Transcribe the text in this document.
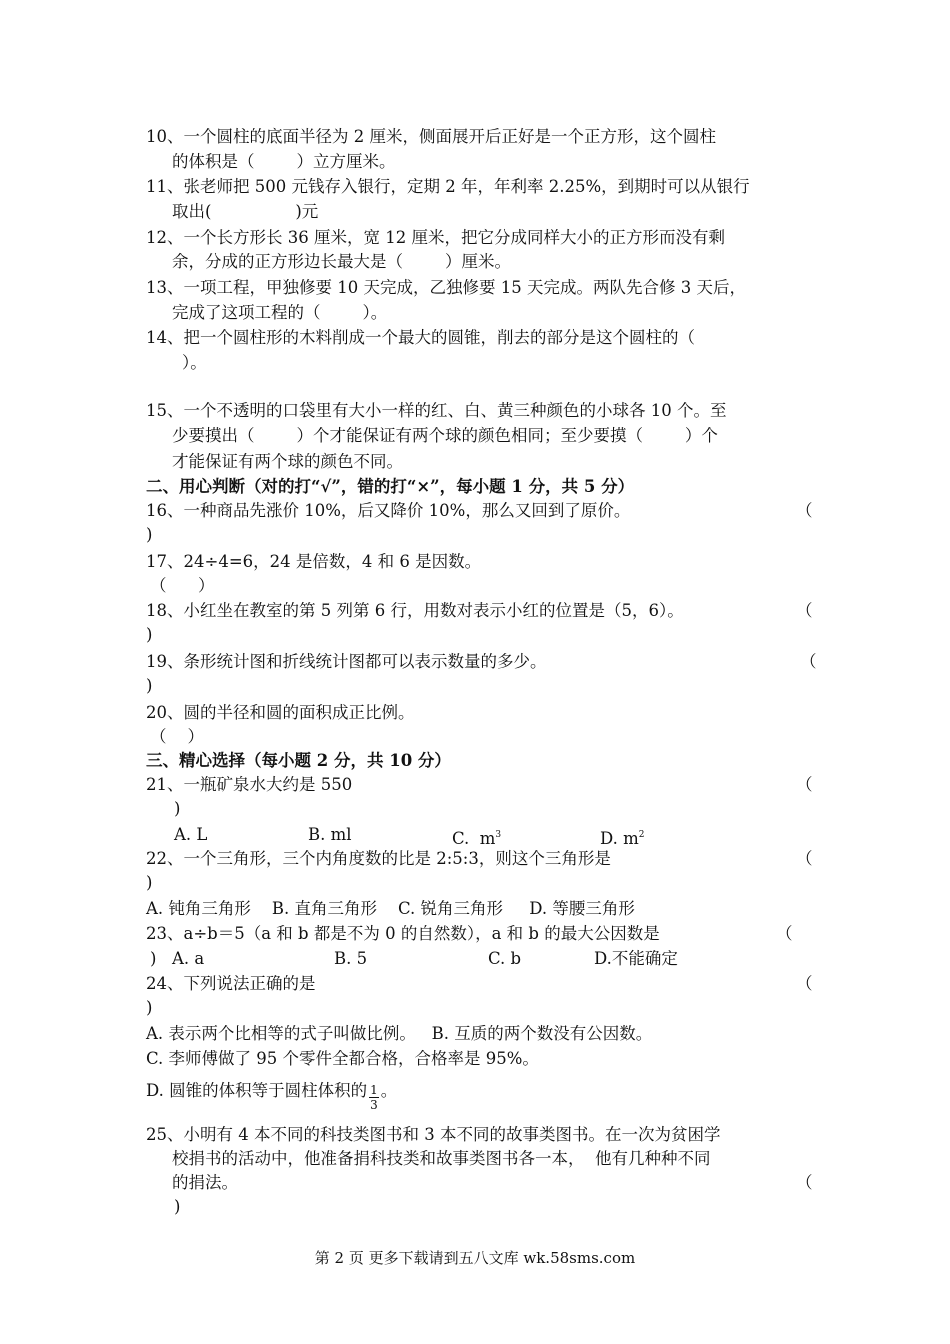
10、一个圆柱的底面半径为 2 厘米，侧面展开后正好是一个正方形，这个圆柱
的体积是（        ）立方厘米。
11、张老师把 500 元钱存入银行，定期 2 年，年利率 2.25%，到期时可以从银行
取出(                )元
12、一个长方形长 36 厘米，宽 12 厘米，把它分成同样大小的正方形而没有剩
余，分成的正方形边长最大是（        ）厘米。
13、一项工程，甲独修要 10 天完成，乙独修要 15 天完成。两队先合修 3 天后，
完成了这项工程的（        ）。
14、把一个圆柱形的木料削成一个最大的圆锥，削去的部分是这个圆柱的（
）。
15、一个不透明的口袋里有大小一样的红、白、黄三种颜色的小球各 10 个。至
少要摸出（        ）个才能保证有两个球的颜色相同；至少要摸（        ）个
才能保证有两个球的颜色不同。
二、用心判断（对的打“√”，错的打“×”，每小题 1 分，共 5 分）
16、一种商品先涨价 10%，后又降价 10%，那么又回到了原价。	（
)
17、24÷4=6，24 是倍数，4 和 6 是因数。
（      ）
18、小红坐在教室的第 5 列第 6 行，用数对表示小红的位置是（5，6）。	（
)
19、条形统计图和折线统计图都可以表示数量的多少。	（
)
20、圆的半径和圆的面积成正比例。
（    ）
三、精心选择（每小题 2 分，共 10 分）
21、一瓶矿泉水大约是 550	（
)
A. L	B. ml	C.  $m^3$	D. $m^2$
22、一个三角形，三个内角度数的比是 2:5:3，则这个三角形是	（
)
A. 钝角三角形    B. 直角三角形    C. 锐角三角形     D. 等腰三角形
23、a÷b＝5（a 和 b 都是不为 0 的自然数），a 和 b 的最大公因数是	（
) A. a	B. 5	C. b	D.不能确定
24、下列说法正确的是	（
)
A. 表示两个比相等的式子叫做比例。   B. 互质的两个数没有公因数。
C. 李师傅做了 95 个零件全都合格，合格率是 95%。
D. 圆锥的体积等于圆柱体积的 $\frac{1}{3}$ 。
25、小明有 4 本不同的科技类图书和 3 本不同的故事类图书。在一次为贫困学
校捐书的活动中，他准备捐科技类和故事类图书各一本，  他有几种种不同
的捐法。	（
)
第 2 页 更多下载请到五八文库 wk.58sms.com
